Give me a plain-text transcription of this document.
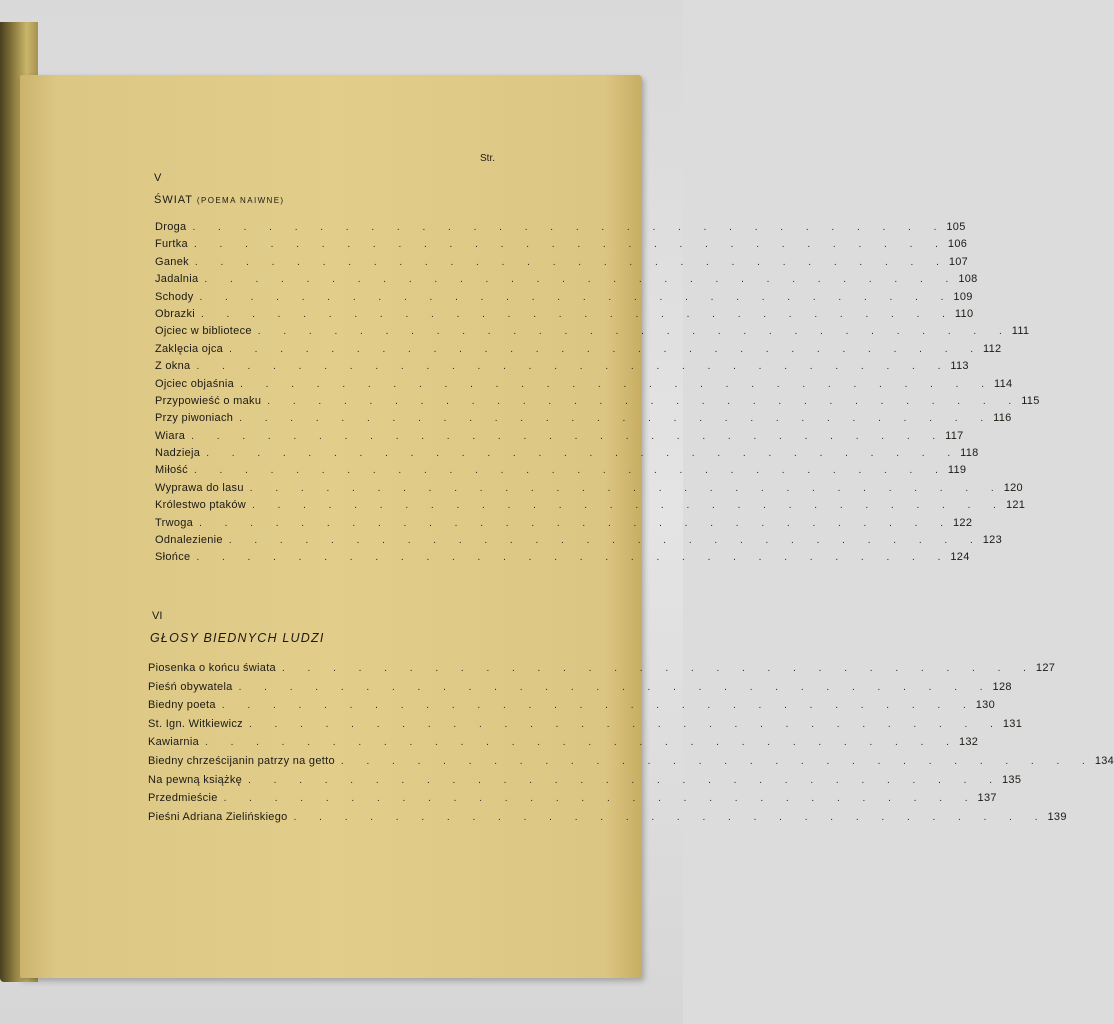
Str.
V
ŚWIAT (POEMA NAIWNE)
Droga . . . . . . . . . . . . . . . . . . . . . . . . . . . . . . 105
Furtka . . . . . . . . . . . . . . . . . . . . . . . . . . . . . . 106
Ganek . . . . . . . . . . . . . . . . . . . . . . . . . . . . . . 107
Jadalnia . . . . . . . . . . . . . . . . . . . . . . . . . . . . . . 108
Schody . . . . . . . . . . . . . . . . . . . . . . . . . . . . . . 109
Obrazki . . . . . . . . . . . . . . . . . . . . . . . . . . . . . . 110
Ojciec w bibliotece . . . . . . . . . . . . . . . . . . . . . . . . . . . . . . 111
Zaklęcia ojca . . . . . . . . . . . . . . . . . . . . . . . . . . . . . . 112
Z okna . . . . . . . . . . . . . . . . . . . . . . . . . . . . . . 113
Ojciec objaśnia . . . . . . . . . . . . . . . . . . . . . . . . . . . . . . 114
Przypowieść o maku . . . . . . . . . . . . . . . . . . . . . . . . . . . . . . 115
Przy piwoniach . . . . . . . . . . . . . . . . . . . . . . . . . . . . . . 116
Wiara . . . . . . . . . . . . . . . . . . . . . . . . . . . . . . 117
Nadzieja . . . . . . . . . . . . . . . . . . . . . . . . . . . . . . 118
Miłość . . . . . . . . . . . . . . . . . . . . . . . . . . . . . . 119
Wyprawa do lasu . . . . . . . . . . . . . . . . . . . . . . . . . . . . . . 120
Królestwo ptaków . . . . . . . . . . . . . . . . . . . . . . . . . . . . . . 121
Trwoga . . . . . . . . . . . . . . . . . . . . . . . . . . . . . . 122
Odnalezienie . . . . . . . . . . . . . . . . . . . . . . . . . . . . . . 123
Słońce . . . . . . . . . . . . . . . . . . . . . . . . . . . . . . 124
VI
GŁOSY BIEDNYCH LUDZI
Piosenka o końcu świata . . . . . . . . . . . . . . . . . . . . . . . . . . . . . . 127
Pieśń obywatela . . . . . . . . . . . . . . . . . . . . . . . . . . . . . . 128
Biedny poeta . . . . . . . . . . . . . . . . . . . . . . . . . . . . . . 130
St. Ign. Witkiewicz . . . . . . . . . . . . . . . . . . . . . . . . . . . . . . 131
Kawiarnia . . . . . . . . . . . . . . . . . . . . . . . . . . . . . . 132
Biedny chrześcijanin patrzy na getto . . . . . . . . . . . . . . . . . . . . . . . . . . . . . . 134
Na pewną książkę . . . . . . . . . . . . . . . . . . . . . . . . . . . . . . 135
Przedmieście . . . . . . . . . . . . . . . . . . . . . . . . . . . . . . 137
Pieśni Adriana Zielińskiego . . . . . . . . . . . . . . . . . . . . . . . . . . . . . . 139
